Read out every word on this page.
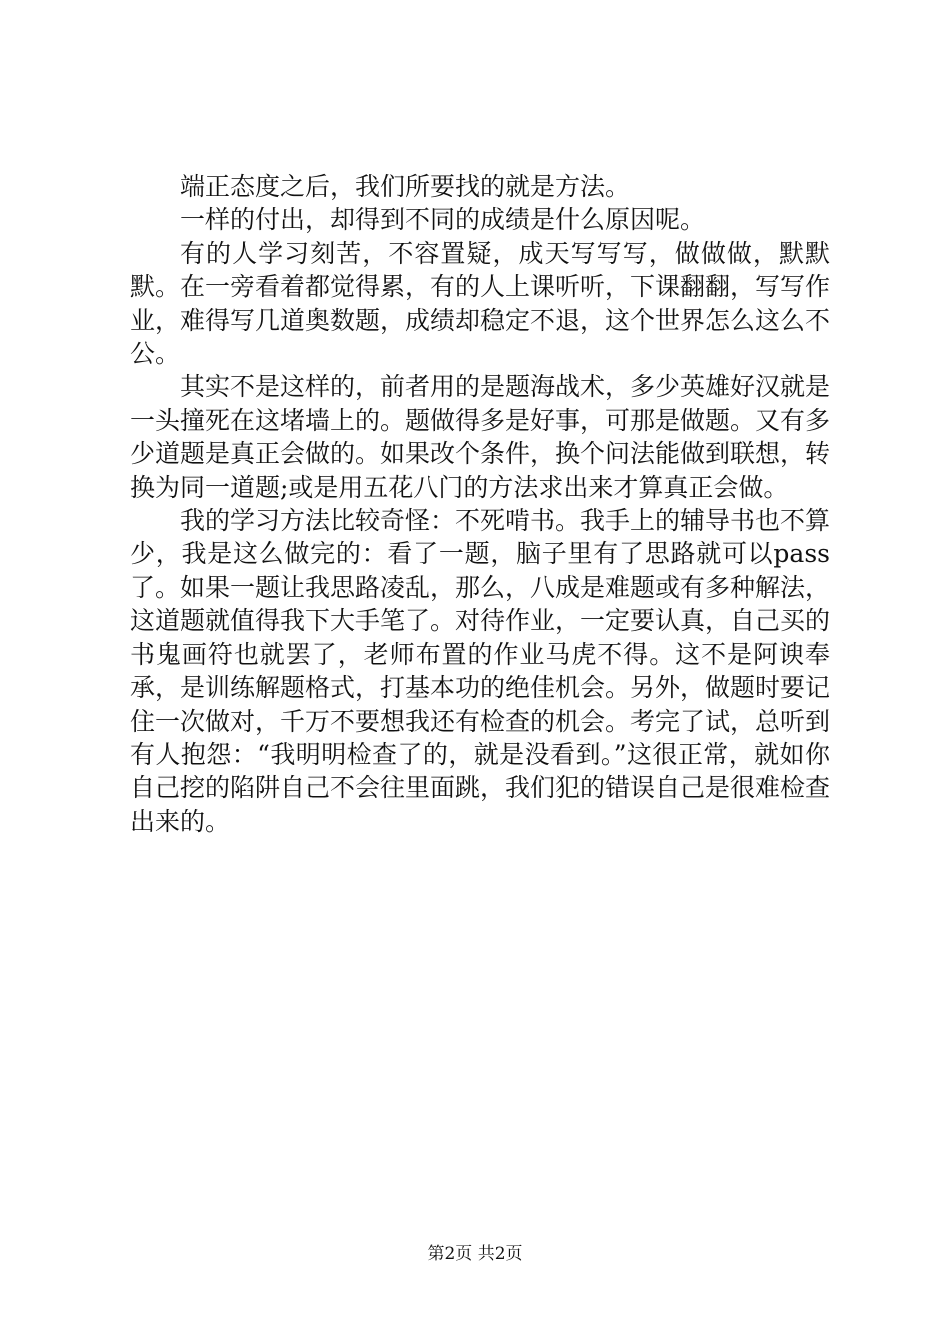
端正态度之后，我们所要找的就是方法。

一样的付出，却得到不同的成绩是什么原因呢。

有的人学习刻苦，不容置疑，成天写写写，做做做，默默默。在一旁看着都觉得累，有的人上课听听，下课翻翻，写写作业，难得写几道奥数题，成绩却稳定不退，这个世界怎么这么不公。

其实不是这样的，前者用的是题海战术，多少英雄好汉就是一头撞死在这堵墙上的。题做得多是好事，可那是做题。又有多少道题是真正会做的。如果改个条件，换个问法能做到联想，转换为同一道题;或是用五花八门的方法求出来才算真正会做。

我的学习方法比较奇怪：不死啃书。我手上的辅导书也不算少，我是这么做完的：看了一题，脑子里有了思路就可以pass了。如果一题让我思路凌乱，那么，八成是难题或有多种解法，这道题就值得我下大手笔了。对待作业，一定要认真，自己买的书鬼画符也就罢了，老师布置的作业马虎不得。这不是阿谀奉承，是训练解题格式，打基本功的绝佳机会。另外，做题时要记住一次做对，千万不要想我还有检查的机会。考完了试，总听到有人抱怨：“我明明检查了的，就是没看到。”这很正常，就如你自己挖的陷阱自己不会往里面跳，我们犯的错误自己是很难检查出来的。

第2页 共2页
